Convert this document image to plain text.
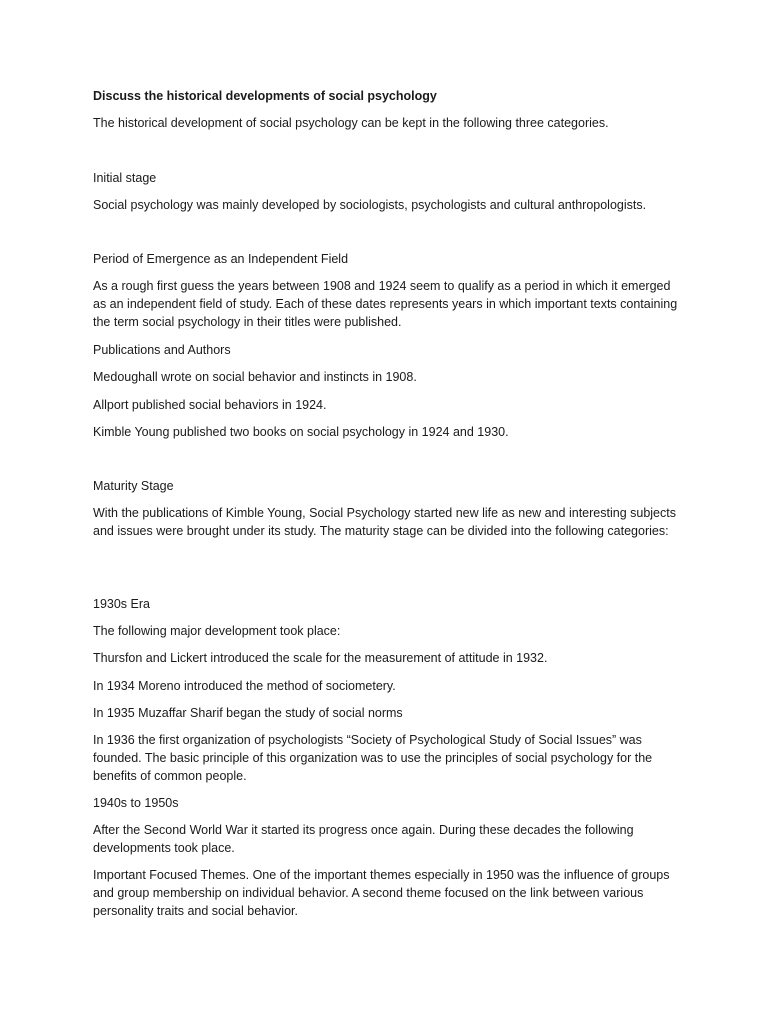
Discuss the historical developments of social psychology

The historical development of social psychology can be kept in the following three categories.

Initial stage

Social psychology was mainly developed by sociologists, psychologists and cultural anthropologists.

Period of Emergence as an Independent Field

As a rough first guess the years between 1908 and 1924 seem to qualify as a period in which it emerged as an independent field of study. Each of these dates represents years in which important texts containing the term social psychology in their titles were published.

Publications and Authors

Medoughall wrote on social behavior and instincts in 1908.

Allport published social behaviors in 1924.

Kimble Young published two books on social psychology in 1924 and 1930.

Maturity Stage

With the publications of Kimble Young, Social Psychology started new life as new and interesting subjects and issues were brought under its study. The maturity stage can be divided into the following categories:

1930s Era

The following major development took place:

Thursfon and Lickert introduced the scale for the measurement of attitude in 1932.

In 1934 Moreno introduced the method of sociometery.

In 1935 Muzaffar Sharif began the study of social norms

In 1936 the first organization of psychologists “Society of Psychological Study of Social Issues” was founded. The basic principle of this organization was to use the principles of social psychology for the benefits of common people.

1940s to 1950s

After the Second World War it started its progress once again. During these decades the following developments took place.

Important Focused Themes. One of the important themes especially in 1950 was the influence of groups and group membership on individual behavior. A second theme focused on the link between various personality traits and social behavior.
